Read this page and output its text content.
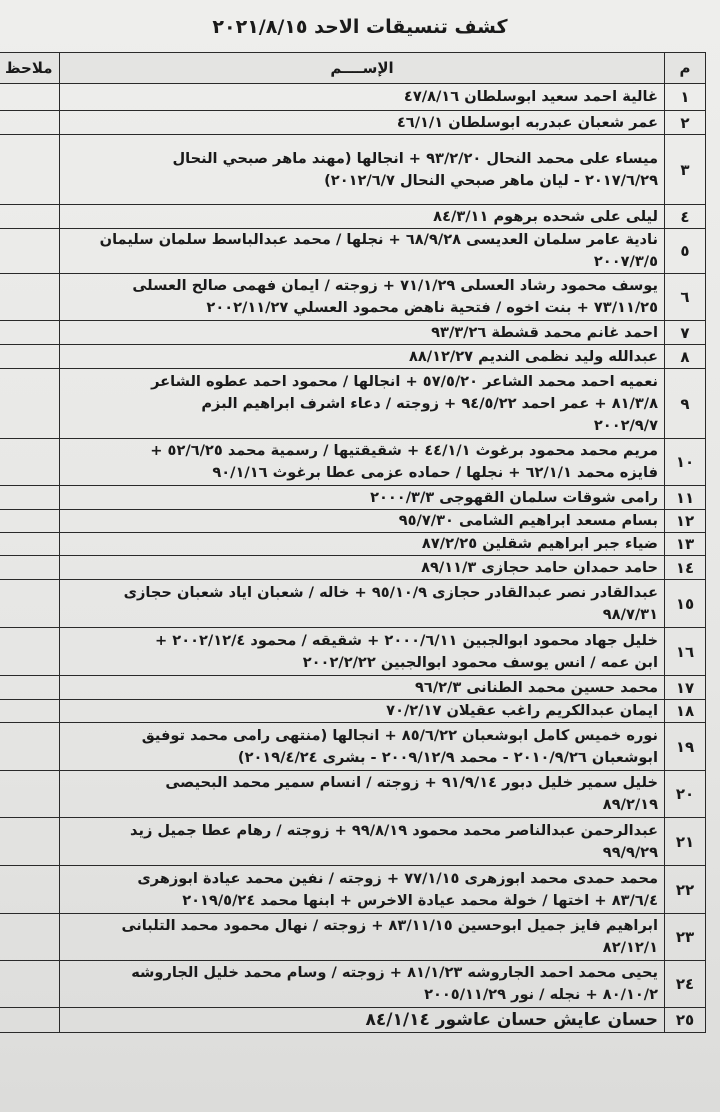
كشف تنسيقات الاحد ٢٠٢١/٨/١٥
م	الإســــم	ملاحظ
١	غالية احمد سعيد ابوسلطان ٤٧/٨/١٦	

٢	عمر شعبان عبدربه ابوسلطان ٤٦/١/١	

٣	ميساء على محمد النحال ٩٣/٢/٢٠ + انجالها (مهند ماهر صبحي النحال
٢٠١٧/٦/٢٩ - ليان ماهر صبحي النحال ٢٠١٢/٦/٧)	

٤	ليلى على شحده برهوم ٨٤/٣/١١	

٥	نادية عامر سلمان العديسى ٦٨/٩/٢٨ + نجلها / محمد عبدالباسط سلمان سليمان ٢٠٠٧/٣/٥	

٦	يوسف محمود رشاد العسلى ٧١/١/٢٩ + زوجته / ايمان فهمى صالح العسلى
٧٣/١١/٢٥ + بنت اخوه / فتحية ناهض محمود العسلي ٢٠٠٢/١١/٢٧	

٧	احمد غانم محمد قشطة ٩٣/٣/٢٦	

٨	عبدالله وليد نظمى النديم ٨٨/١٢/٢٧	

٩	نعميه احمد محمد الشاعر ٥٧/٥/٢٠ + انجالها / محمود احمد عطوه الشاعر
٨١/٣/٨ + عمر احمد ٩٤/٥/٢٢ + زوجته / دعاء اشرف ابراهيم البزم
٢٠٠٢/٩/٧	

١٠	مريم محمد محمود برغوث ٤٤/١/١ + شقيقتيها / رسمية محمد ٥٢/٦/٢٥ +
فايزه محمد ٦٢/١/١ + نجلها / حماده عزمى عطا برغوث ٩٠/١/١٦	

١١	رامى شوقات سلمان القهوجى ٢٠٠٠/٣/٣	

١٢	بسام مسعد ابراهيم الشامى ٩٥/٧/٣٠	

١٣	ضياء جبر ابراهيم شقلين ٨٧/٢/٢٥	

١٤	حامد حمدان حامد حجازى ٨٩/١١/٣	

١٥	عبدالقادر نصر عبدالقادر حجازى ٩٥/١٠/٩ + خاله / شعبان اياد شعبان حجازى
٩٨/٧/٣١	

١٦	خليل جهاد محمود ابوالجبين ٢٠٠٠/٦/١١ + شقيقه / محمود ٢٠٠٢/١٢/٤ +
ابن عمه / انس يوسف محمود ابوالجبين ٢٠٠٢/٢/٢٢	

١٧	محمد حسين محمد الطنانى ٩٦/٢/٣	

١٨	ايمان عبدالكريم راغب عقيلان ٧٠/٢/١٧	

١٩	نوره خميس كامل ابوشعبان ٨٥/٦/٢٢ + انجالها (منتهى رامى محمد توفيق
ابوشعبان ٢٠١٠/٩/٢٦ - محمد ٢٠٠٩/١٢/٩ - بشرى ٢٠١٩/٤/٢٤)	

٢٠	خليل سمير خليل دبور ٩١/٩/١٤ + زوجته / انسام سمير محمد البحيصى
٨٩/٢/١٩	

٢١	عبدالرحمن عبدالناصر محمد محمود ٩٩/٨/١٩ + زوجته / رهام عطا جميل زيد
٩٩/٩/٢٩	

٢٢	محمد حمدى محمد ابوزهرى ٧٧/١/١٥ + زوجته / نفين محمد عيادة ابوزهرى
٨٣/٦/٤ + اختها / خولة محمد عيادة الاخرس + ابنها محمد ٢٠١٩/٥/٢٤	

٢٣	ابراهيم فايز جميل ابوحسين ٨٣/١١/١٥ + زوجته / نهال محمود محمد التلبانى
٨٢/١٢/١	

٢٤	يحيى محمد احمد الجاروشه ٨١/١/٢٣ + زوجته / وسام محمد خليل الجاروشه
٨٠/١٠/٢ + نجله / نور ٢٠٠٥/١١/٢٩	

٢٥	حسان عايش حسان عاشور ٨٤/١/١٤	
